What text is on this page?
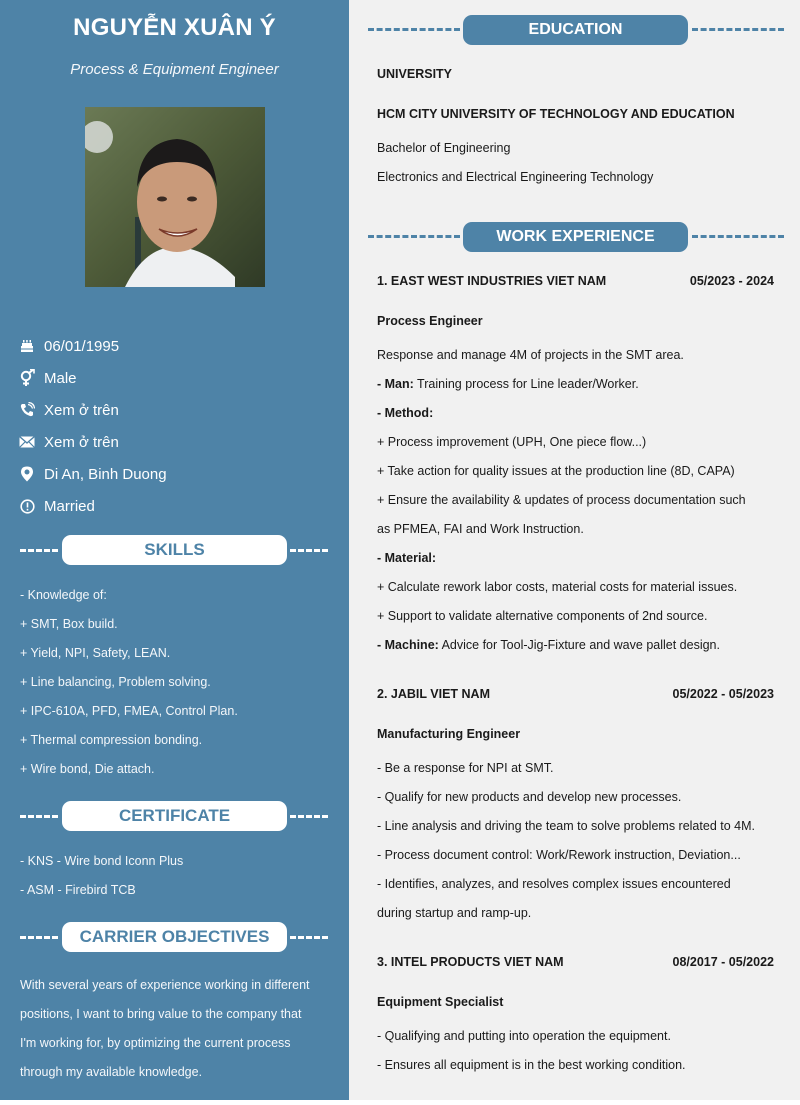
NGUYỄN XUÂN Ý
Process & Equipment Engineer
06/01/1995
Male
Xem ở trên
Xem ở trên
Di An, Binh Duong
Married
SKILLS
- Knowledge of:
+ SMT, Box build.
+ Yield, NPI, Safety, LEAN.
+ Line balancing, Problem solving.
+ IPC-610A, PFD, FMEA, Control Plan.
+ Thermal compression bonding.
+ Wire bond, Die attach.
CERTIFICATE
- KNS - Wire bond Iconn Plus
- ASM - Firebird TCB
CARRIER OBJECTIVES
With several years of experience working in different
positions, I want to bring value to the company that
I'm working for, by optimizing the current process
through my available knowledge.
EDUCATION
UNIVERSITY
HCM CITY UNIVERSITY OF TECHNOLOGY AND EDUCATION
Bachelor of Engineering
Electronics and Electrical Engineering Technology
WORK EXPERIENCE
1. EAST WEST INDUSTRIES VIET NAM	05/2023 - 2024
Process Engineer
Response and manage 4M of projects in the SMT area.
- Man: Training process for Line leader/Worker.
- Method:
+ Process improvement (UPH, One piece flow...)
+ Take action for quality issues at the production line (8D, CAPA)
+ Ensure the availability & updates of process documentation such
as PFMEA, FAI and Work Instruction.
- Material:
+ Calculate rework labor costs, material costs for material issues.
+ Support to validate alternative components of 2nd source.
- Machine: Advice for Tool-Jig-Fixture and wave pallet design.
2. JABIL VIET NAM	05/2022 - 05/2023
Manufacturing Engineer
- Be a response for NPI at SMT.
- Qualify for new products and develop new processes.
- Line analysis and driving the team to solve problems related to 4M.
- Process document control: Work/Rework instruction, Deviation...
- Identifies, analyzes, and resolves complex issues encountered
during startup and ramp-up.
3. INTEL PRODUCTS VIET NAM	08/2017 - 05/2022
Equipment Specialist
- Qualifying and putting into operation the equipment.
- Ensures all equipment is in the best working condition.
